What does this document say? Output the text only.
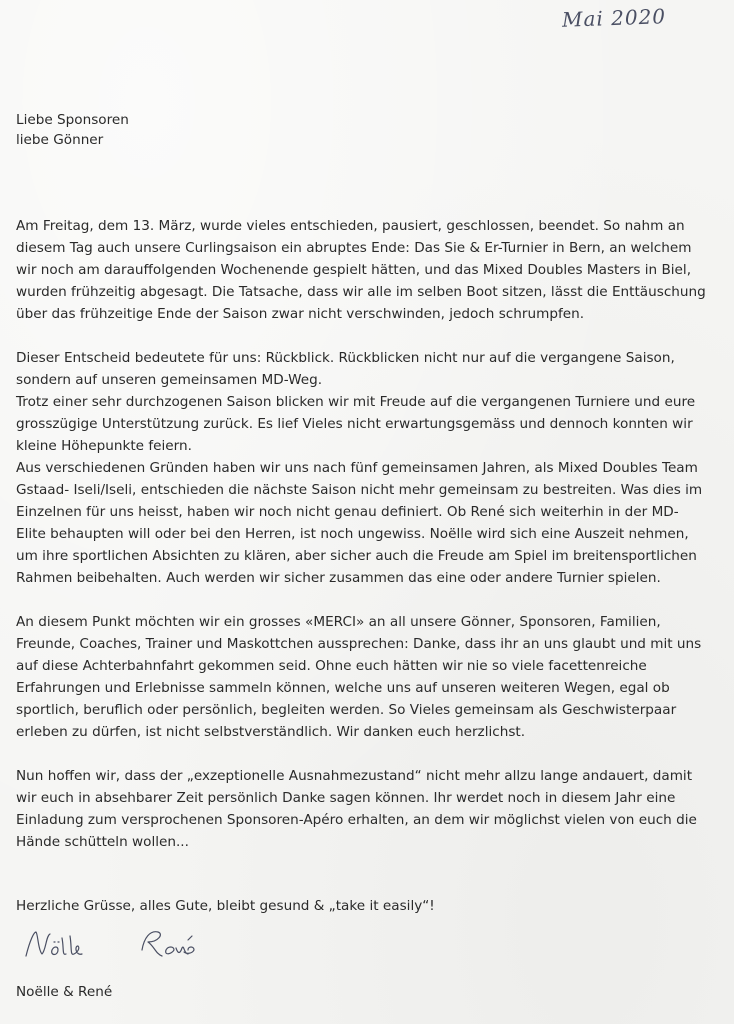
Mai 2020
Liebe Sponsoren
liebe Gönner
Am Freitag, dem 13. März, wurde vieles entschieden, pausiert, geschlossen, beendet. So nahm an
diesem Tag auch unsere Curlingsaison ein abruptes Ende: Das Sie & Er-Turnier in Bern, an welchem
wir noch am darauffolgenden Wochenende gespielt hätten, und das Mixed Doubles Masters in Biel,
wurden frühzeitig abgesagt. Die Tatsache, dass wir alle im selben Boot sitzen, lässt die Enttäuschung
über das frühzeitige Ende der Saison zwar nicht verschwinden, jedoch schrumpfen.
Dieser Entscheid bedeutete für uns: Rückblick. Rückblicken nicht nur auf die vergangene Saison,
sondern auf unseren gemeinsamen MD-Weg.
Trotz einer sehr durchzogenen Saison blicken wir mit Freude auf die vergangenen Turniere und eure
grosszügige Unterstützung zurück. Es lief Vieles nicht erwartungsgemäss und dennoch konnten wir
kleine Höhepunkte feiern.
Aus verschiedenen Gründen haben wir uns nach fünf gemeinsamen Jahren, als Mixed Doubles Team
Gstaad- Iseli/Iseli, entschieden die nächste Saison nicht mehr gemeinsam zu bestreiten. Was dies im
Einzelnen für uns heisst, haben wir noch nicht genau definiert. Ob René sich weiterhin in der MD-
Elite behaupten will oder bei den Herren, ist noch ungewiss. Noëlle wird sich eine Auszeit nehmen,
um ihre sportlichen Absichten zu klären, aber sicher auch die Freude am Spiel im breitensportlichen
Rahmen beibehalten. Auch werden wir sicher zusammen das eine oder andere Turnier spielen.
An diesem Punkt möchten wir ein grosses «MERCI» an all unsere Gönner, Sponsoren, Familien,
Freunde, Coaches, Trainer und Maskottchen aussprechen: Danke, dass ihr an uns glaubt und mit uns
auf diese Achterbahnfahrt gekommen seid. Ohne euch hätten wir nie so viele facettenreiche
Erfahrungen und Erlebnisse sammeln können, welche uns auf unseren weiteren Wegen, egal ob
sportlich, beruflich oder persönlich, begleiten werden. So Vieles gemeinsam als Geschwisterpaar
erleben zu dürfen, ist nicht selbstverständlich. Wir danken euch herzlichst.
Nun hoffen wir, dass der „exzeptionelle Ausnahmezustand“ nicht mehr allzu lange andauert, damit
wir euch in absehbarer Zeit persönlich Danke sagen können. Ihr werdet noch in diesem Jahr eine
Einladung zum versprochenen Sponsoren-Apéro erhalten, an dem wir möglichst vielen von euch die
Hände schütteln wollen...
Herzliche Grüsse, alles Gute, bleibt gesund & „take it easily“!
Noëlle & René
